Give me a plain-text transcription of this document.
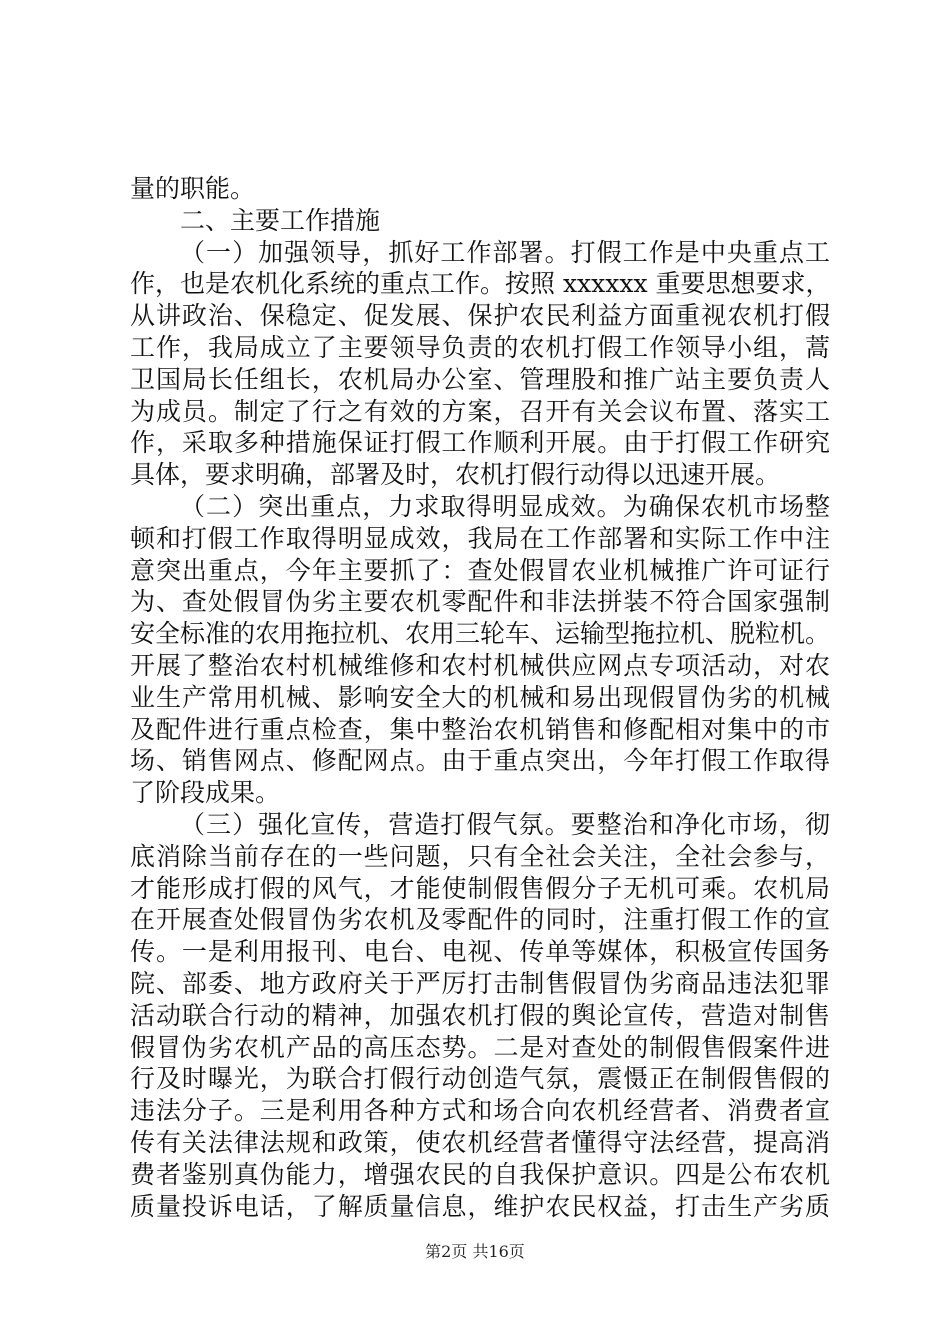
量的职能。
二、主要工作措施
（一）加强领导，抓好工作部署。打假工作是中央重点工
作，也是农机化系统的重点工作。按照 xxxxxx 重要思想要求，
从讲政治、保稳定、促发展、保护农民利益方面重视农机打假
工作，我局成立了主要领导负责的农机打假工作领导小组，蒿
卫国局长任组长，农机局办公室、管理股和推广站主要负责人
为成员。制定了行之有效的方案，召开有关会议布置、落实工
作，采取多种措施保证打假工作顺利开展。由于打假工作研究
具体，要求明确，部署及时，农机打假行动得以迅速开展。
（二）突出重点，力求取得明显成效。为确保农机市场整
顿和打假工作取得明显成效，我局在工作部署和实际工作中注
意突出重点，今年主要抓了：查处假冒农业机械推广许可证行
为、查处假冒伪劣主要农机零配件和非法拼装不符合国家强制
安全标准的农用拖拉机、农用三轮车、运输型拖拉机、脱粒机。
开展了整治农村机械维修和农村机械供应网点专项活动，对农
业生产常用机械、影响安全大的机械和易出现假冒伪劣的机械
及配件进行重点检查，集中整治农机销售和修配相对集中的市
场、销售网点、修配网点。由于重点突出，今年打假工作取得
了阶段成果。
（三）强化宣传，营造打假气氛。要整治和净化市场，彻
底消除当前存在的一些问题，只有全社会关注，全社会参与，
才能形成打假的风气，才能使制假售假分子无机可乘。农机局
在开展查处假冒伪劣农机及零配件的同时，注重打假工作的宣
传。一是利用报刊、电台、电视、传单等媒体，积极宣传国务
院、部委、地方政府关于严厉打击制售假冒伪劣商品违法犯罪
活动联合行动的精神，加强农机打假的舆论宣传，营造对制售
假冒伪劣农机产品的高压态势。二是对查处的制假售假案件进
行及时曝光，为联合打假行动创造气氛，震慑正在制假售假的
违法分子。三是利用各种方式和场合向农机经营者、消费者宣
传有关法律法规和政策，使农机经营者懂得守法经营，提高消
费者鉴别真伪能力，增强农民的自我保护意识。四是公布农机
质量投诉电话，了解质量信息，维护农民权益，打击生产劣质
第2页 共16页
